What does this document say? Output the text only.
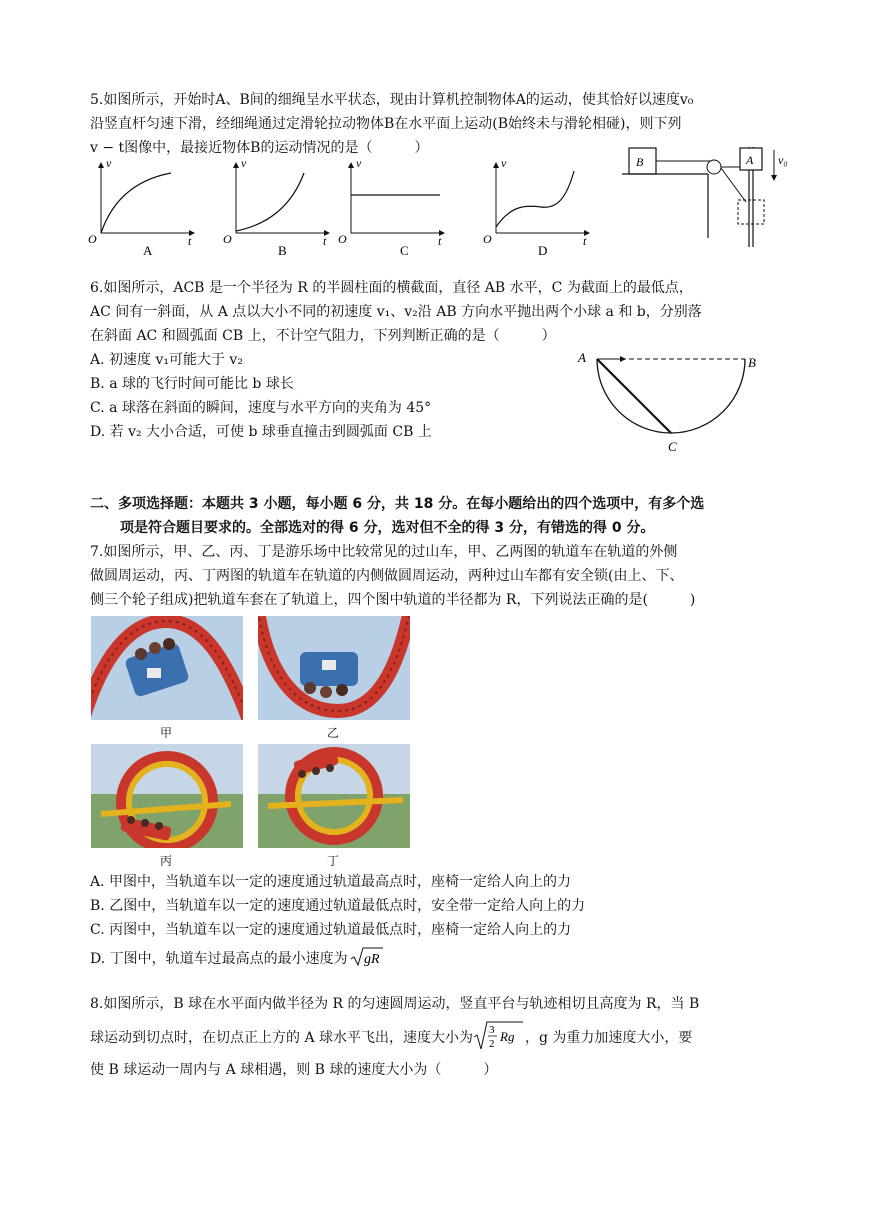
5.如图所示，开始时A、B间的细绳呈水平状态，现由计算机控制物体A的运动，使其恰好以速度v₀
沿竖直杆匀速下滑，经细绳通过定滑轮拉动物体B在水平面上运动(B始终未与滑轮相碰)，则下列
v − t图像中，最接近物体B的运动情况的是（　　　）
v
t
O
A
v
t
O
B
v
t
O
C
v
t
O
D
B	A v₀
6.如图所示，ACB 是一个半径为 R 的半圆柱面的横截面，直径 AB 水平，C 为截面上的最低点，
AC 间有一斜面，从 A 点以大小不同的初速度 v₁、v₂沿 AB 方向水平抛出两个小球 a 和 b，分别落
在斜面 AC 和圆弧面 CB 上，不计空气阻力，下列判断正确的是（　　　）
A. 初速度 v₁可能大于 v₂
B. a 球的飞行时间可能比 b 球长
C. a 球落在斜面的瞬间，速度与水平方向的夹角为 45°
D. 若 v₂ 大小合适，可使 b 球垂直撞击到圆弧面 CB 上
A	B
C
二、多项选择题：本题共 3 小题，每小题 6 分，共 18 分。在每小题给出的四个选项中，有多个选
项是符合题目要求的。全部选对的得 6 分，选对但不全的得 3 分，有错选的得 0 分。
7.如图所示，甲、乙、丙、丁是游乐场中比较常见的过山车，甲、乙两图的轨道车在轨道的外侧
做圆周运动，丙、丁两图的轨道车在轨道的内侧做圆周运动，两种过山车都有安全锁(由上、下、
侧三个轮子组成)把轨道车套在了轨道上，四个图中轨道的半径都为 R，下列说法正确的是(　　　)
甲	乙
丙	丁
A. 甲图中，当轨道车以一定的速度通过轨道最高点时，座椅一定给人向上的力
B. 乙图中，当轨道车以一定的速度通过轨道最低点时，安全带一定给人向上的力
C. 丙图中，当轨道车以一定的速度通过轨道最低点时，座椅一定给人向上的力
D. 丁图中，轨道车过最高点的最小速度为 gR
8.如图所示，B 球在水平面内做半径为 R 的匀速圆周运动，竖直平台与轨迹相切且高度为 R，当 B
球运动到切点时，在切点正上方的 A 球水平飞出，速度大小为 3
2 Rg ，g 为重力加速度大小，要
使 B 球运动一周内与 A 球相遇，则 B 球的速度大小为（　　　）
